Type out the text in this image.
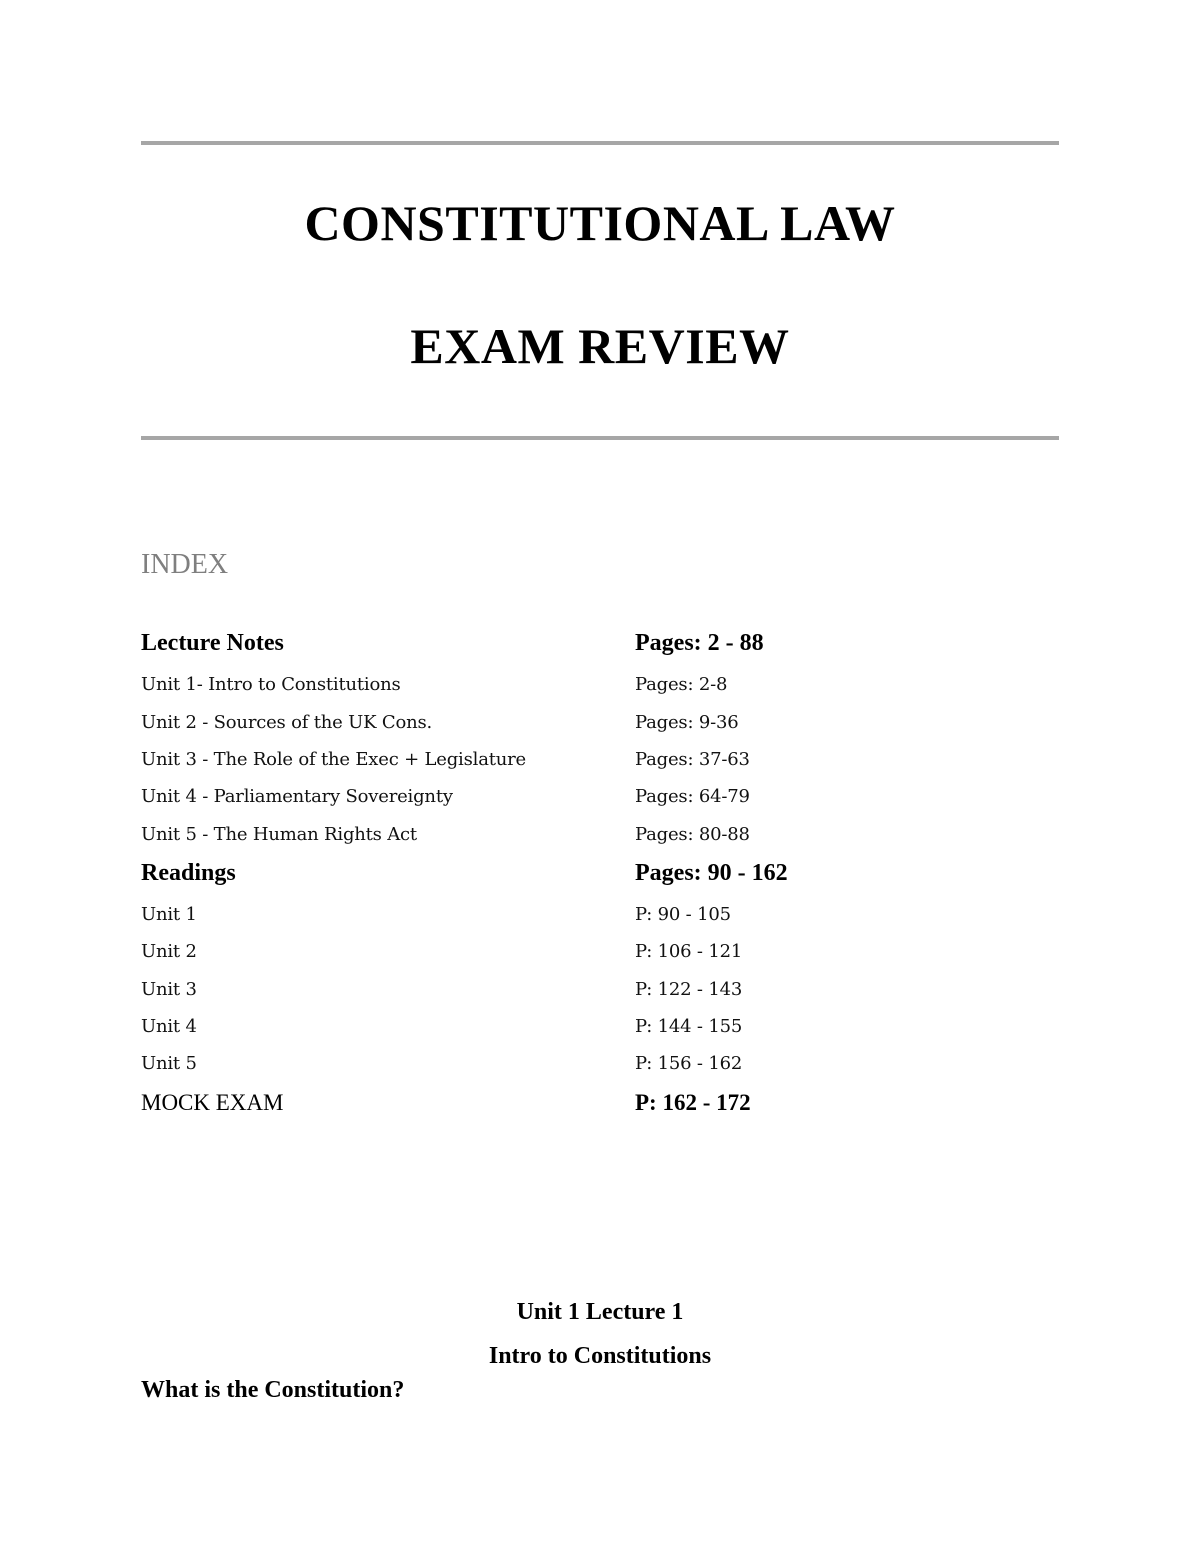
CONSTITUTIONAL LAW
EXAM REVIEW
INDEX
Lecture Notes	Pages: 2 - 88
Unit 1- Intro to Constitutions	Pages: 2-8
Unit 2 - Sources of the UK Cons.	Pages: 9-36
Unit 3 - The Role of the Exec + Legislature	Pages: 37-63
Unit 4 - Parliamentary Sovereignty	Pages: 64-79
Unit 5 - The Human Rights Act	Pages: 80-88
Readings	Pages: 90 - 162
Unit 1	P: 90 - 105
Unit 2	P: 106 - 121
Unit 3	P: 122 - 143
Unit 4	P: 144 - 155
Unit 5	P: 156 - 162
MOCK EXAM	P: 162 - 172
Unit 1 Lecture 1
Intro to Constitutions
What is the Constitution?
